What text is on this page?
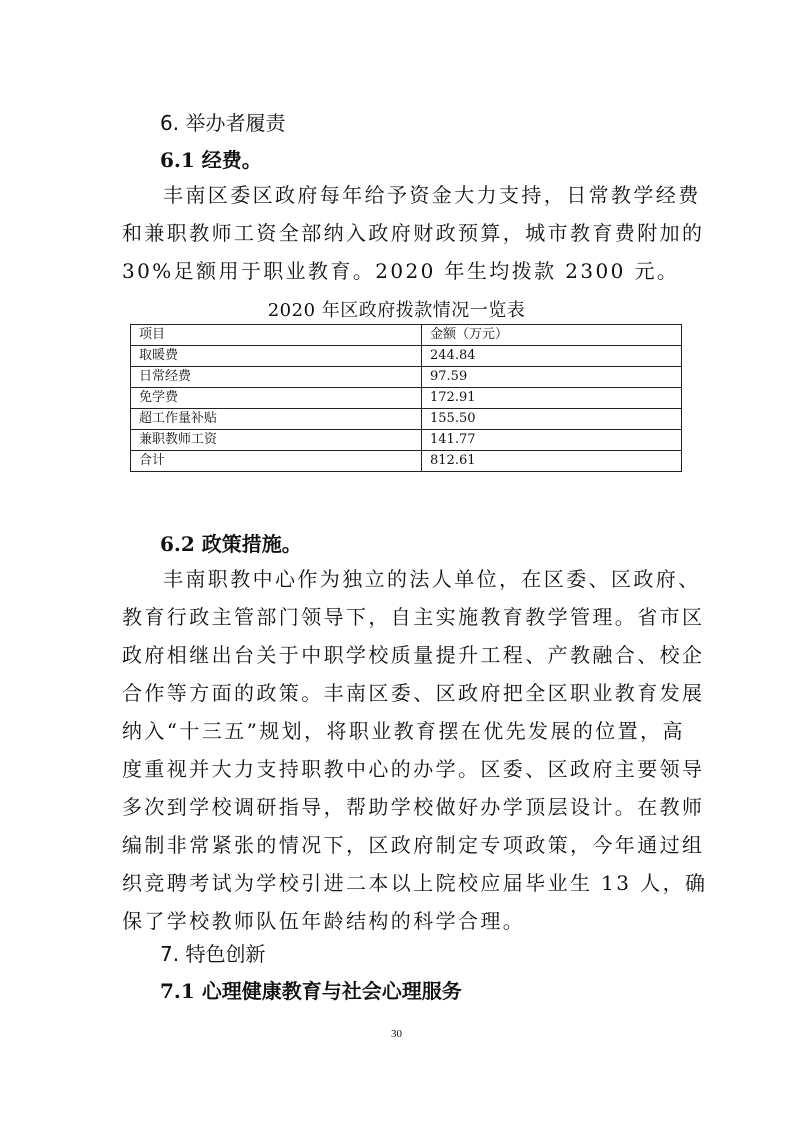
6. 举办者履责
6.1 经费。

丰南区委区政府每年给予资金大力支持，日常教学经费

和兼职教师工资全部纳入政府财政预算，城市教育费附加的

30%足额用于职业教育。2020 年生均拨款 2300 元。

2020 年区政府拨款情况一览表
项目	金额（万元）
取暖费	244.84
日常经费	97.59
免学费	172.91
超工作量补贴	155.50
兼职教师工资	141.77
合计	812.61
6.2 政策措施。

丰南职教中心作为独立的法人单位，在区委、区政府、

教育行政主管部门领导下，自主实施教育教学管理。省市区

政府相继出台关于中职学校质量提升工程、产教融合、校企

合作等方面的政策。丰南区委、区政府把全区职业教育发展

纳入“十三五”规划，将职业教育摆在优先发展的位置，高

度重视并大力支持职教中心的办学。区委、区政府主要领导

多次到学校调研指导，帮助学校做好办学顶层设计。在教师

编制非常紧张的情况下，区政府制定专项政策，今年通过组

织竞聘考试为学校引进二本以上院校应届毕业生 13 人，确

保了学校教师队伍年龄结构的科学合理。

7. 特色创新
7.1 心理健康教育与社会心理服务
30
